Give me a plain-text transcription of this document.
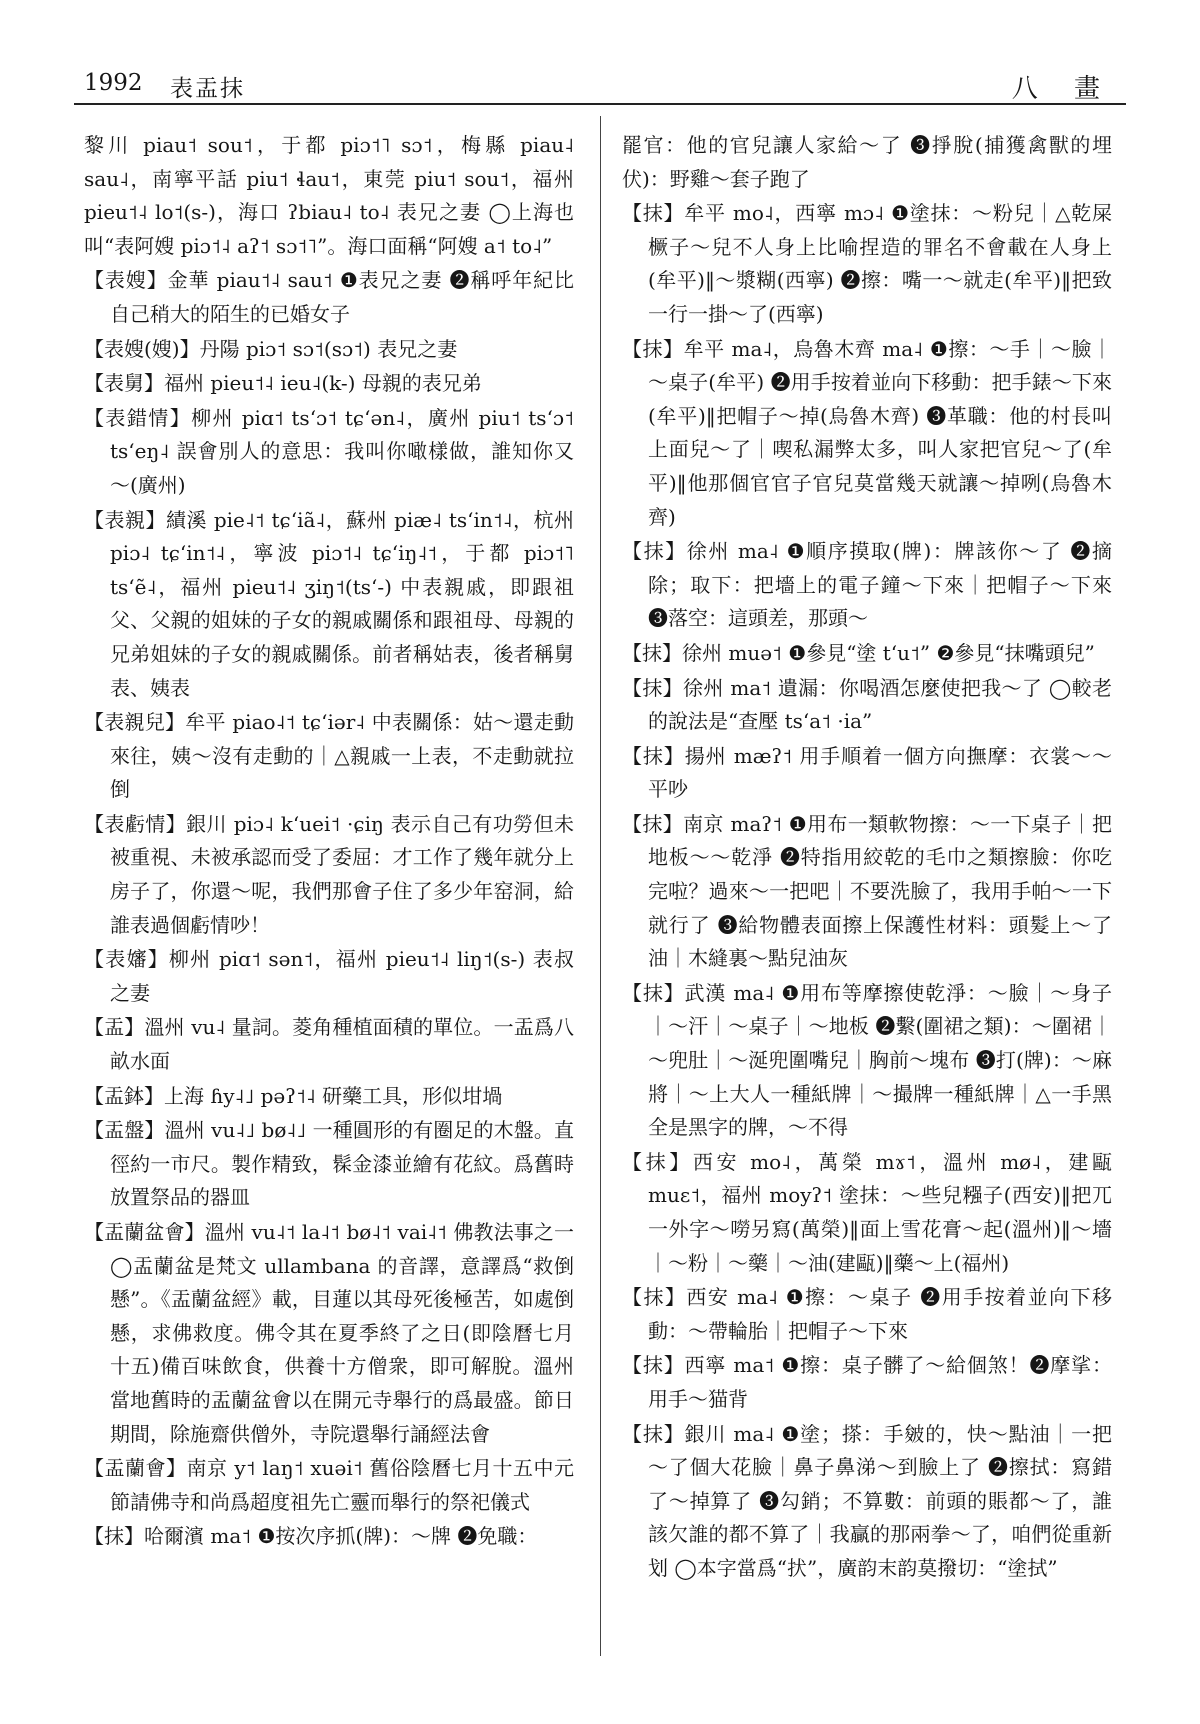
1992 表盂抹	八 畫

黎川 piau˦ sou˦，于都 piɔ˦˥ sɔ˦，梅縣 piau˨ sau˨，南寧平話 piu˦ ɬau˦，東莞 piu˦ sou˦，福州 pieu˦˨ lo˦(s-)，海口 ʔbiau˨ to˨ 表兄之妻 ◯上海也叫“表阿嫂 piɔ˦˨ aʔ˦ sɔ˦˥”。海口面稱“阿嫂 a˦ to˨”

【表嫂】金華 piau˦˨ sau˦ ❶表兄之妻 ❷稱呼年紀比自己稍大的陌生的已婚女子

【表嫂(嫂)】丹陽 piɔ˦ sɔ˦(sɔ˦) 表兄之妻

【表舅】福州 pieu˦˨ ieu˨(k-) 母親的表兄弟

【表錯情】柳州 piɑ˦ tsʻɔ˦ tɕʻən˨，廣州 piu˦ tsʻɔ˦ tsʻeŋ˨ 誤會別人的意思：我叫你噉樣做，誰知你又～(廣州)

【表親】績溪 pie˨˦ tɕʻiã˨，蘇州 piæ˨ tsʻin˦˨，杭州 piɔ˨ tɕʻin˦˨，寧波 piɔ˦˨ tɕʻiŋ˨˦，于都 piɔ˦˥ tsʻẽ˨，福州 pieu˦˨ ʒiŋ˦(tsʻ-) 中表親戚，即跟祖父、父親的姐妹的子女的親戚關係和跟祖母、母親的兄弟姐妹的子女的親戚關係。前者稱姑表，後者稱舅表、姨表

【表親兒】牟平 piao˨˦ tɕʻiər˨ 中表關係：姑～還走動來往，姨～沒有走動的｜△親戚一上表，不走動就拉倒

【表虧情】銀川 piɔ˨ kʻuei˦ ·ɕiŋ 表示自己有功勞但未被重視、未被承認而受了委屈：才工作了幾年就分上房子了，你還～呢，我們那會子住了多少年窑洞，給誰表過個虧情吵！

【表嬸】柳州 piɑ˦ sən˦，福州 pieu˦˨ liŋ˦(s-) 表叔之妻

【盂】溫州 vu˨ 量詞。菱角種植面積的單位。一盂爲八畝水面

【盂鉢】上海 ɦy˨˩ pəʔ˦˨ 研藥工具，形似坩堝

【盂盤】溫州 vu˨˩ bø˨˩ 一種圓形的有圈足的木盤。直徑約一市尺。製作精致，髹金漆並繪有花紋。爲舊時放置祭品的器皿

【盂蘭盆會】溫州 vu˨˦ la˨˦ bø˨˦ vai˨˦ 佛教法事之一 ◯盂蘭盆是梵文 ullambana 的音譯，意譯爲“救倒懸”。《盂蘭盆經》載，目蓮以其母死後極苦，如處倒懸，求佛救度。佛令其在夏季終了之日(即陰曆七月十五)備百味飲食，供養十方僧衆，即可解脫。溫州當地舊時的盂蘭盆會以在開元寺舉行的爲最盛。節日期間，除施齋供僧外，寺院還舉行誦經法會

【盂蘭會】南京 y˦ laŋ˦ xuəi˦ 舊俗陰曆七月十五中元節請佛寺和尚爲超度祖先亡靈而舉行的祭祀儀式

【抹】哈爾濱 ma˦ ❶按次序抓(牌)：～牌 ❷免職：

罷官：他的官兒讓人家給～了 ❸掙脫(捕獲禽獸的埋伏)：野雞～套子跑了

【抹】牟平 mo˨，西寧 mɔ˨ ❶塗抹：～粉兒｜△乾屎橛子～兒不人身上比喻捏造的罪名不會載在人身上(牟平)‖～漿糊(西寧) ❷擦：嘴一～就走(牟平)‖把致一行一掛～了(西寧)

【抹】牟平 ma˨，烏魯木齊 ma˨ ❶擦：～手｜～臉｜～桌子(牟平) ❷用手按着並向下移動：把手錶～下來(牟平)‖把帽子～掉(烏魯木齊) ❸革職：他的村長叫上面兒～了｜喫私漏弊太多，叫人家把官兒～了(牟平)‖他那個官官子官兒莫當幾天就讓～掉咧(烏魯木齊)

【抹】徐州 ma˨ ❶順序摸取(牌)：牌該你～了 ❷摘除；取下：把墻上的電子鐘～下來｜把帽子～下來 ❸落空：這頭差，那頭～

【抹】徐州 muə˦ ❶參見“塗 tʻu˦” ❷參見“抹嘴頭兒”

【抹】徐州 ma˦ 遺漏：你喝酒怎麼使把我～了 ◯較老的說法是“查壓 tsʻa˦ ·ia”

【抹】揚州 mæʔ˦ 用手順着一個方向撫摩：衣裳～～平吵

【抹】南京 maʔ˦ ❶用布一類軟物擦：～一下桌子｜把地板～～乾淨 ❷特指用絞乾的毛巾之類擦臉：你吃完啦？過來～一把吧｜不要洗臉了，我用手帕～一下就行了 ❸給物體表面擦上保護性材料：頭髮上～了油｜木縫裏～點兒油灰

【抹】武漢 ma˨ ❶用布等摩擦使乾淨：～臉｜～身子｜～汗｜～桌子｜～地板 ❷繫(圍裙之類)：～圍裙｜～兜肚｜～涎兜圍嘴兒｜胸前～塊布 ❸打(牌)：～麻將｜～上大人一種紙牌｜～撮牌一種紙牌｜△一手黑全是黑字的牌，～不得

【抹】西安 mo˨，萬榮 mɤ˦，溫州 mø˨，建甌 muɛ˦，福州 moyʔ˦ 塗抹：～些兒糨子(西安)‖把兀一外字～嘮另寫(萬榮)‖面上雪花膏～起(溫州)‖～墻｜～粉｜～藥｜～油(建甌)‖藥～上(福州)

【抹】西安 ma˨ ❶擦：～桌子 ❷用手按着並向下移動：～帶輪胎｜把帽子～下來

【抹】西寧 ma˦ ❶擦：桌子髒了～給個煞！❷摩挲：用手～猫背

【抹】銀川 ma˨ ❶塗；搽：手皴的，快～點油｜一把～了個大花臉｜鼻子鼻涕～到臉上了 ❷擦拭：寫錯了～掉算了 ❸勾銷；不算數：前頭的賬都～了，誰該欠誰的都不算了｜我贏的那兩拳～了，咱們從重新划 ◯本字當爲“㧋”，廣韵末韵莫撥切：“塗拭”
